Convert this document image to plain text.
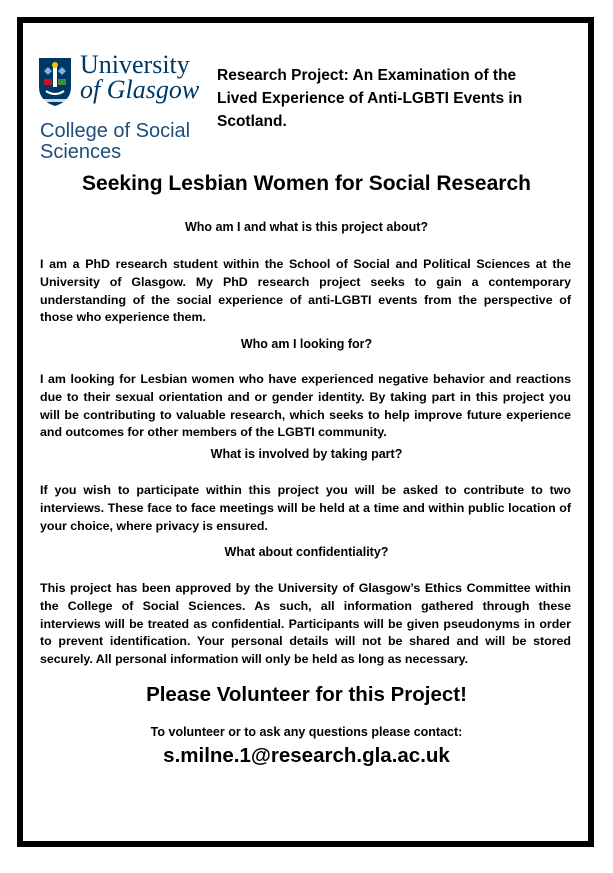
University
of Glasgow
College of Social Sciences
Research Project: An Examination of the Lived Experience of Anti-LGBTI Events in Scotland.
Seeking Lesbian Women for Social Research
Who am I and what is this project about?
I am a PhD research student within the School of Social and Political Sciences at the University of Glasgow. My PhD research project seeks to gain a contemporary understanding of the social experience of anti-LGBTI events from the perspective of those who experience them.
Who am I looking for?
I am looking for Lesbian women who have experienced negative behavior and reactions due to their sexual orientation and or gender identity. By taking part in this project you will be contributing to valuable research, which seeks to help improve future experience and outcomes for other members of the LGBTI community.
What is involved by taking part?
If you wish to participate within this project you will be asked to contribute to two interviews. These face to face meetings will be held at a time and within public location of your choice, where privacy is ensured.
What about confidentiality?
This project has been approved by the University of Glasgow’s Ethics Committee within the College of Social Sciences. As such, all information gathered through these interviews will be treated as confidential. Participants will be given pseudonyms in order to prevent identification. Your personal details will not be shared and will be stored securely. All personal information will only be held as long as necessary.
Please Volunteer for this Project!
To volunteer or to ask any questions please contact:
s.milne.1@research.gla.ac.uk
